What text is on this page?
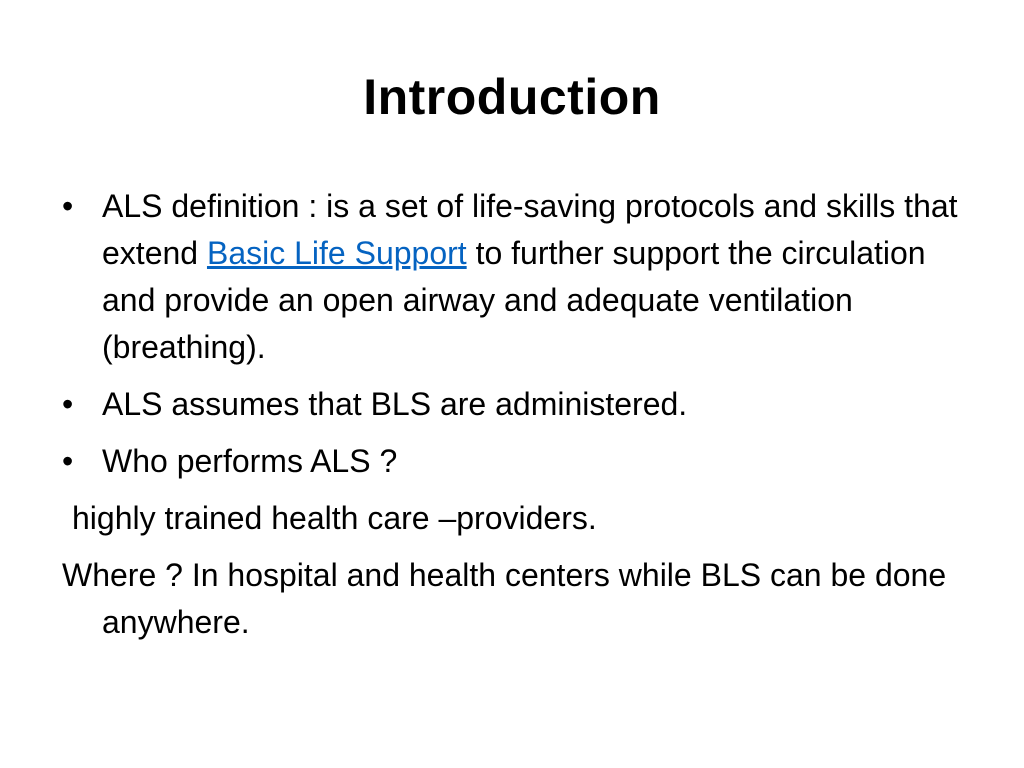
Introduction
• ALS definition : is a set of life-saving protocols and skills that extend Basic Life Support to further support the circulation and provide an open airway and adequate ventilation (breathing).
• ALS assumes that BLS are administered.
• Who performs ALS ?
highly trained health care –providers.
Where ? In hospital and health centers while BLS can be done anywhere.
